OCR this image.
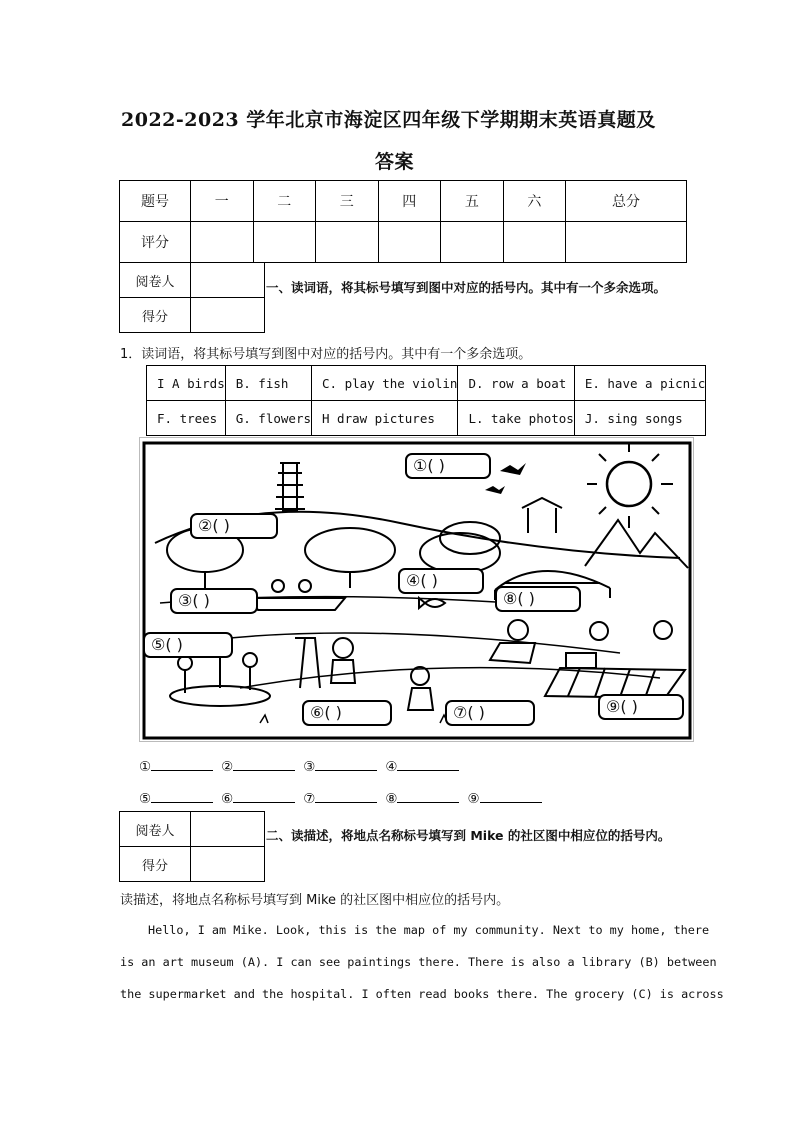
2022-2023 学年北京市海淀区四年级下学期期末英语真题及
答案
题号	一	二	三	四	五	六	总分
评分							
阅卷人	
得分	
一、读词语，将其标号填写到图中对应的括号内。其中有一个多余选项。
1．读词语，将其标号填写到图中对应的括号内。其中有一个多余选项。
I A birds	B. fish	C. play the violin	D. row a boat	E. have a picnic
F. trees	G. flowers	H draw pictures	L. take photos	J. sing songs
①( )
②( )
③( )
④( )
⑤( )
⑥( )	⑦( )
⑧( )
⑨( )
①	②	③	④
⑤	⑥	⑦	⑧	⑨
阅卷人	
得分	
二、读描述，将地点名称标号填写到 Mike 的社区图中相应位的括号内。
读描述，将地点名称标号填写到 Mike 的社区图中相应位的括号内。
Hello, I am Mike. Look, this is the map of my community. Next to my home, there
is an art museum (A). I can see paintings there. There is also a library (B) between
the supermarket and the hospital. I often read books there. The grocery (C) is across
